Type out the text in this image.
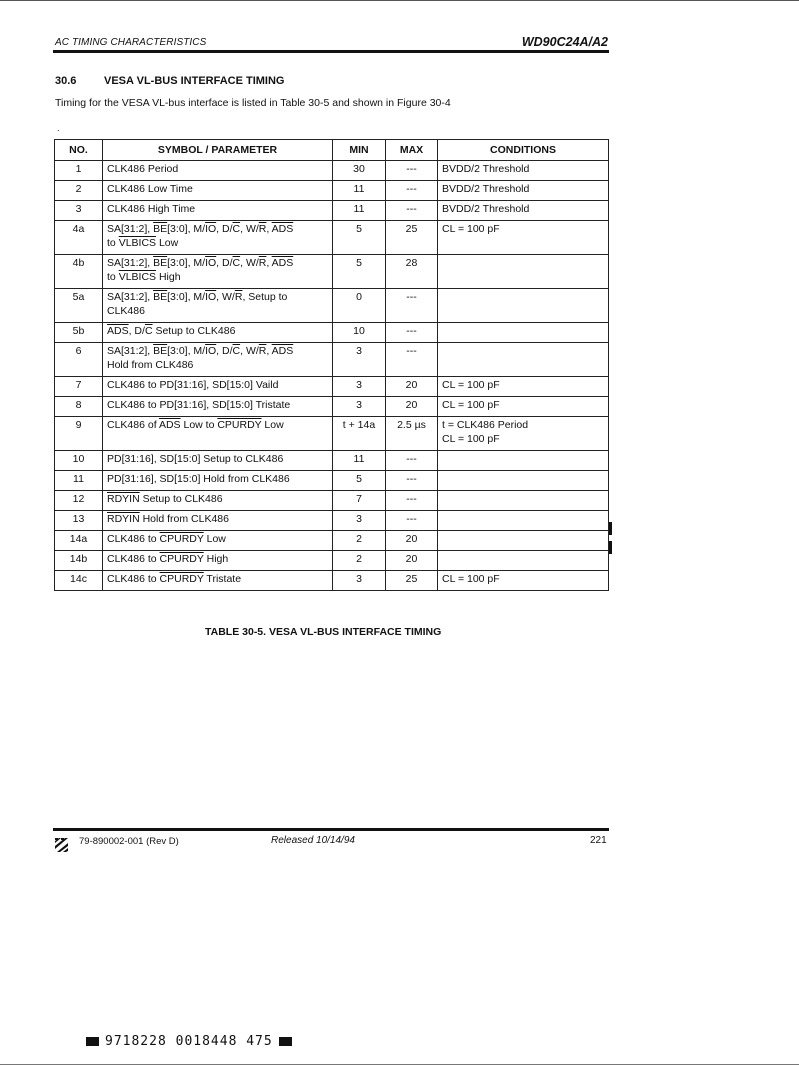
AC TIMING CHARACTERISTICS	WD90C24A/A2
30.6	VESA VL-BUS INTERFACE TIMING
Timing for the VESA VL-bus interface is listed in Table 30-5 and shown in Figure 30-4
.
NO.	SYMBOL / PARAMETER	MIN	MAX	CONDITIONS
1	CLK486 Period	30	---	BVDD/2 Threshold
2	CLK486 Low Time	11	---	BVDD/2 Threshold
3	CLK486 High Time	11	---	BVDD/2 Threshold
4a	SA[31:2], $\overline{BE}[3:0]$, $M/\overline{IO}$, $D/\overline{C}$, $W/\overline{R}$, $\overline{ADS}$
to VLBICS Low	5	25	CL = 100 pF
4b	SA[31:2], $\overline{BE}[3:0]$, $M/\overline{IO}$, $D/\overline{C}$, $W/\overline{R}$, $\overline{ADS}$
to VLBICS High	5	28	
5a	SA[31:2], $\overline{BE}[3:0]$, $M/\overline{IO}$, $W/\overline{R}$, Setup to
CLK486	0	---	
5b	$\overline{ADS}$, $D/\overline{C}$ Setup to CLK486	10	---	
6	SA[31:2], $\overline{BE}[3:0]$, $M/\overline{IO}$, $D/\overline{C}$, $W/\overline{R}$, $\overline{ADS}$
Hold from CLK486	3	---	
7	CLK486 to PD[31:16], SD[15:0] Vaild	3	20	CL = 100 pF
8	CLK486 to PD[31:16], SD[15:0] Tristate	3	20	CL = 100 pF
9	CLK486 of $\overline{ADS}$ Low to CPURDY Low	t + 14a	2.5 µs	t = CLK486 Period
CL = 100 pF
10	PD[31:16], SD[15:0] Setup to CLK486	11	---	
11	PD[31:16], SD[15:0] Hold from CLK486	5	---	
12	RDYIN Setup to CLK486	7	---	
13	RDYIN Hold from CLK486	3	---	
14a	CLK486 to CPURDY Low	2	20	
14b	CLK486 to CPURDY High	2	20	
14c	CLK486 to CPURDY Tristate	3	25	CL = 100 pF
TABLE 30-5. VESA VL-BUS INTERFACE TIMING
79-890002-001 (Rev D)	Released 10/14/94	221
9718228 0018448 475
